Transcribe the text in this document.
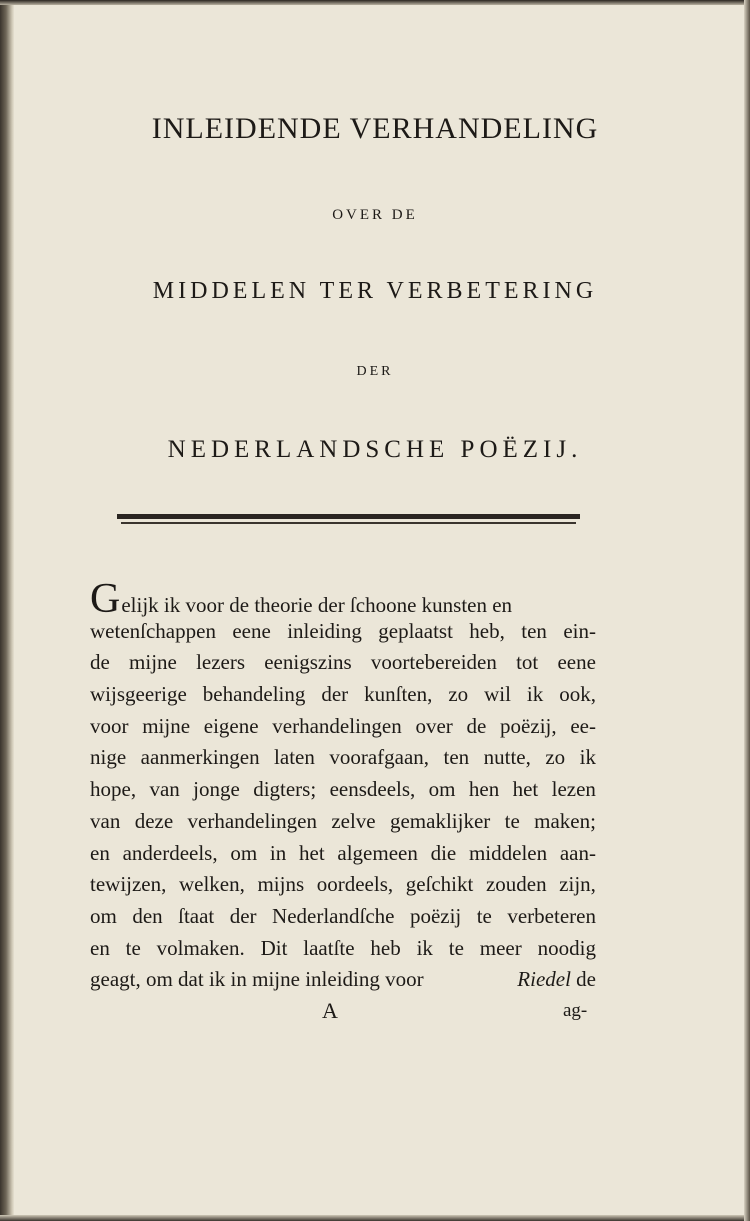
INLEIDENDE VERHANDELING
OVER DE
MIDDELEN TER VERBETERING
DER
NEDERLANDSCHE POËZIJ.
Gelijk ik voor de theorie der ſchoone kunsten en
wetenſchappen eene inleiding geplaatst heb, ten ein-
de mijne lezers eenigszins voortebereiden tot eene
wijsgeerige behandeling der kunſten, zo wil ik ook,
voor mijne eigene verhandelingen over de poëzij, ee-
nige aanmerkingen laten voorafgaan, ten nutte, zo ik
hope, van jonge digters; eensdeels, om hen het lezen
van deze verhandelingen zelve gemaklijker te maken;
en anderdeels, om in het algemeen die middelen aan-
tewijzen, welken, mijns oordeels, geſchikt zouden zijn,
om den ſtaat der Nederlandſche poëzij te verbeteren
en te volmaken. Dit laatſte heb ik te meer noodig
geagt, om dat ik in mijne inleiding voor	Riedel de
A	ag-
